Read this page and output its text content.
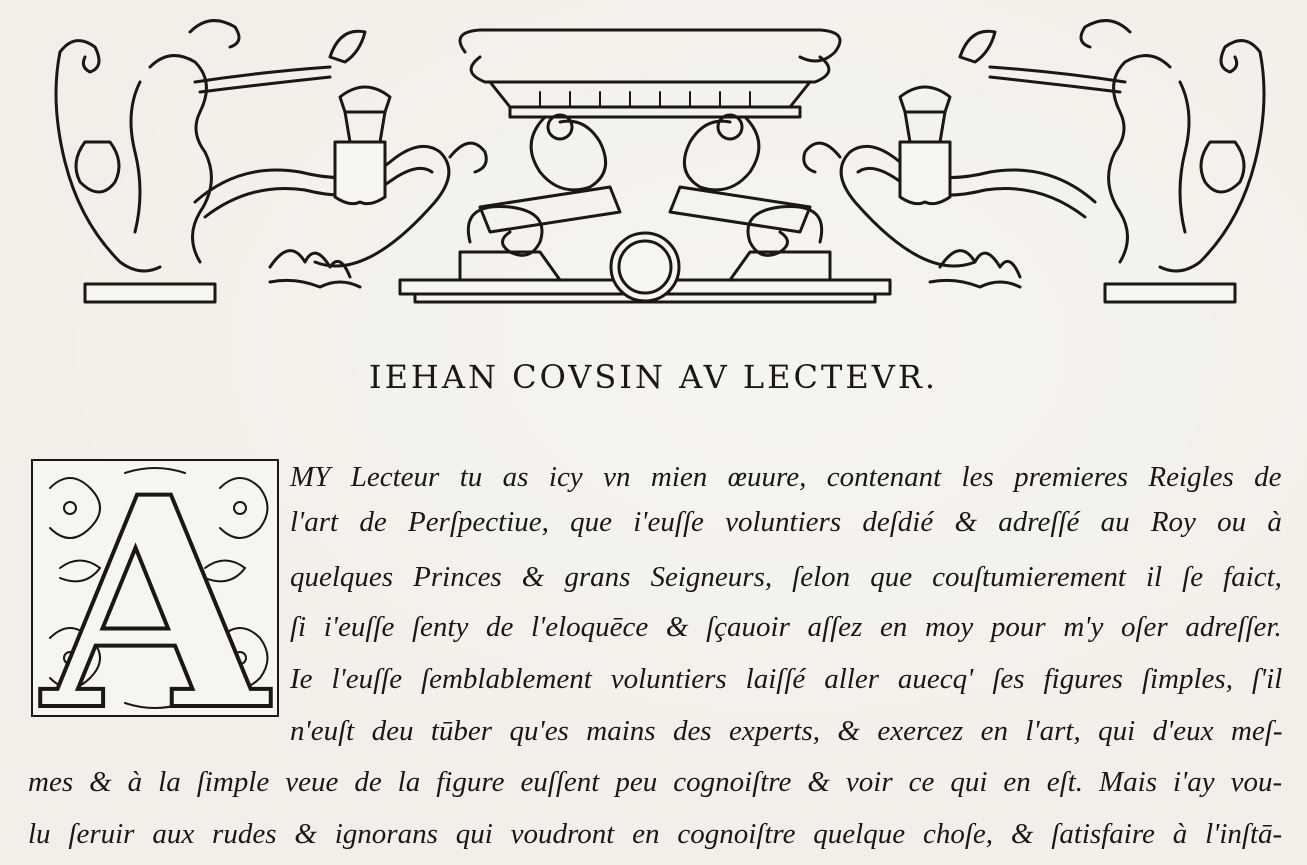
IEHAN COVSIN AV LECTEVR.
A MY Lecteur tu as icy vn mien œuure, contenant les premieres Reigles de
l'art de Perſpectiue, que i'euſſe voluntiers deſdié & adreſſé au Roy ou à
quelques Princes & grans Seigneurs, ſelon que couſtumierement il ſe faict,
ſi i'euſſe ſenty de l'eloquēce & ſçauoir aſſez en moy pour m'y oſer adreſſer.
Ie l'euſſe ſemblablement voluntiers laiſſé aller auecq' ſes figures ſimples, ſ'il
n'euſt deu tūber qu'es mains des experts, & exercez en l'art, qui d'eux meſ-
mes & à la ſimple veue de la figure euſſent peu cognoiſtre & voir ce qui en eſt. Mais i'ay vou-
lu ſeruir aux rudes & ignorans qui voudront en cognoiſtre quelque choſe, & ſatisfaire à l'inſtā-
